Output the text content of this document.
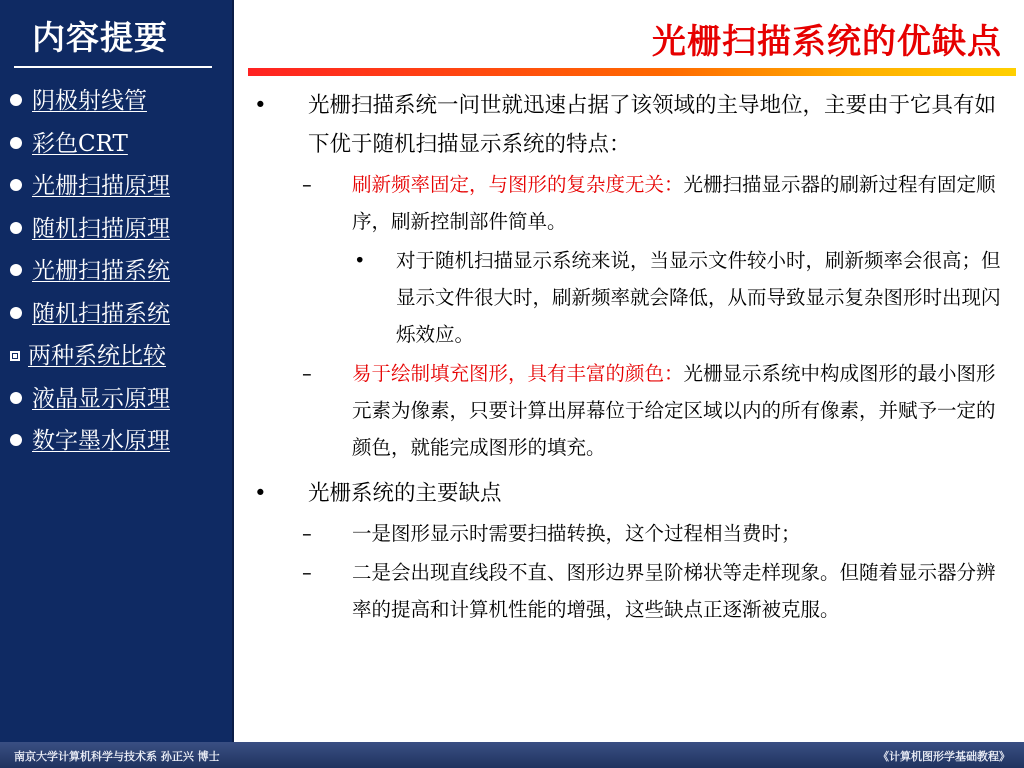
内容提要
阴极射线管
彩色CRT
光栅扫描原理
随机扫描原理
光栅扫描系统
随机扫描系统
两种系统比较
液晶显示原理
数字墨水原理
光栅扫描系统的优缺点
• 光栅扫描系统一问世就迅速占据了该领域的主导地位，主要由于它具有如下优于随机扫描显示系统的特点：
– 刷新频率固定，与图形的复杂度无关：光栅扫描显示器的刷新过程有固定顺序，刷新控制部件简单。
• 对于随机扫描显示系统来说，当显示文件较小时，刷新频率会很高；但显示文件很大时，刷新频率就会降低，从而导致显示复杂图形时出现闪烁效应。
– 易于绘制填充图形，具有丰富的颜色：光栅显示系统中构成图形的最小图形元素为像素，只要计算出屏幕位于给定区域以内的所有像素，并赋予一定的颜色，就能完成图形的填充。
• 光栅系统的主要缺点
– 一是图形显示时需要扫描转换，这个过程相当费时；
– 二是会出现直线段不直、图形边界呈阶梯状等走样现象。但随着显示器分辨率的提高和计算机性能的增强，这些缺点正逐渐被克服。
南京大学计算机科学与技术系 孙正兴 博士	《计算机图形学基础教程》
